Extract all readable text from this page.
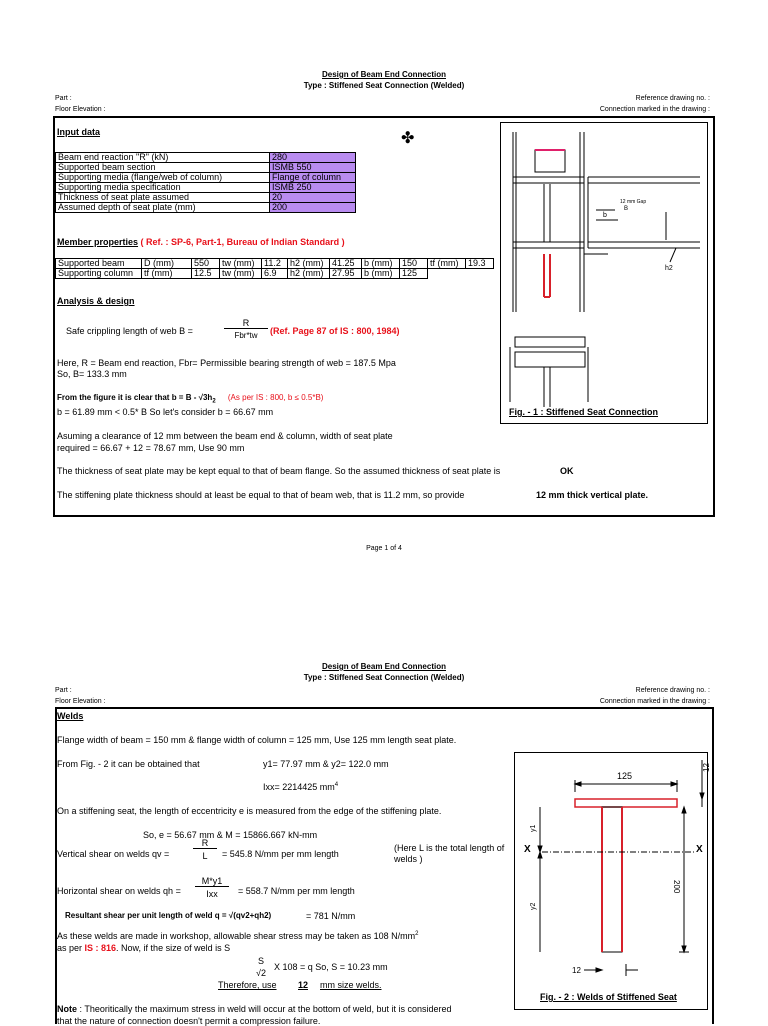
Design of Beam End Connection
Type : Stiffened Seat Connection (Welded)
Part :
Floor Elevation :
Reference drawing no. :
Connection marked in the drawing :
Input data	✤
Beam end reaction "R" (kN)	280
Supported beam section	ISMB 550
Supporting media (flange/web of column)	Flange of column
Supporting media specification	ISMB 250
Thickness of seat plate assumed	20
Assumed depth of seat plate (mm)	200
Member properties ( Ref. : SP-6, Part-1, Bureau of Indian Standard )
Supported beam	D (mm)	550	tw (mm)	11.2	h2 (mm)	41.25	b (mm)	150	tf (mm)	19.3
Supporting column	tf (mm)	12.5	tw (mm)	6.9	h2 (mm)	27.95	b (mm)	125		
Analysis & design
Safe crippling length of web B =
R
Fbr*tw	(Ref. Page 87 of IS : 800, 1984)
Here, R = Beam end reaction, Fbr= Permissible bearing strength of web = 187.5 Mpa
So, B= 133.3 mm
From the figure it is clear that $b = B - √3h_2$ (As per IS : 800, b ≤ 0.5*B)
b = 61.89 mm < 0.5* B So let's consider b = 66.67 mm
Asuming a clearance of 12 mm between the beam end & column, width of seat plate
required = 66.67 + 12 = 78.67 mm, Use 90 mm
The thickness of seat plate may be kept equal to that of beam flange. So the assumed thickness of seat plate is	OK
The stiffening plate thickness should at least be equal to that of beam web, that is 11.2 mm, so provide	12 mm thick vertical plate.
12 mm Gap
B
b
h2
Fig. - 1 : Stiffened Seat Connection
Page 1 of 4
Design of Beam End Connection
Type : Stiffened Seat Connection (Welded)
Part :
Floor Elevation :
Reference drawing no. :
Connection marked in the drawing :
Welds
Flange width of beam = 150 mm & flange width of column = 125 mm, Use 125 mm length seat plate.
From Fig. - 2 it can be obtained that	y1= 77.97 mm & y2= 122.0 mm
Ixx= 2214425 $mm^4$
On a stiffening seat, the length of eccentricity e is measured from the edge of the stiffening plate.
So, e = 56.67 mm & M = 15866.667 kN-mm
Vertical shear on welds qv =
R
L	= 545.8 N/mm per mm length
(Here L is the total length of welds )
Horizontal shear on welds qh =
M*y1
Ixx	= 558.7 N/mm per mm length
Resultant shear per unit length of weld q = √(qv2+qh2)	= 781 N/mm
As these welds are made in workshop, allowable shear stress may be taken as 108 $N/mm^2$
as per IS : 816. Now, if the size of weld is S
S
√2
X 108 = q So, S = 10.23 mm
Therefore, use 12 mm size welds.
Note : Theoritically the maximum stress in weld will occur at the bottom of weld, but it is considered
that the nature of connection doesn't permit a compression failure.
125
12
X	X
200
y1
y2
12
Fig. - 2 : Welds of Stiffened Seat
